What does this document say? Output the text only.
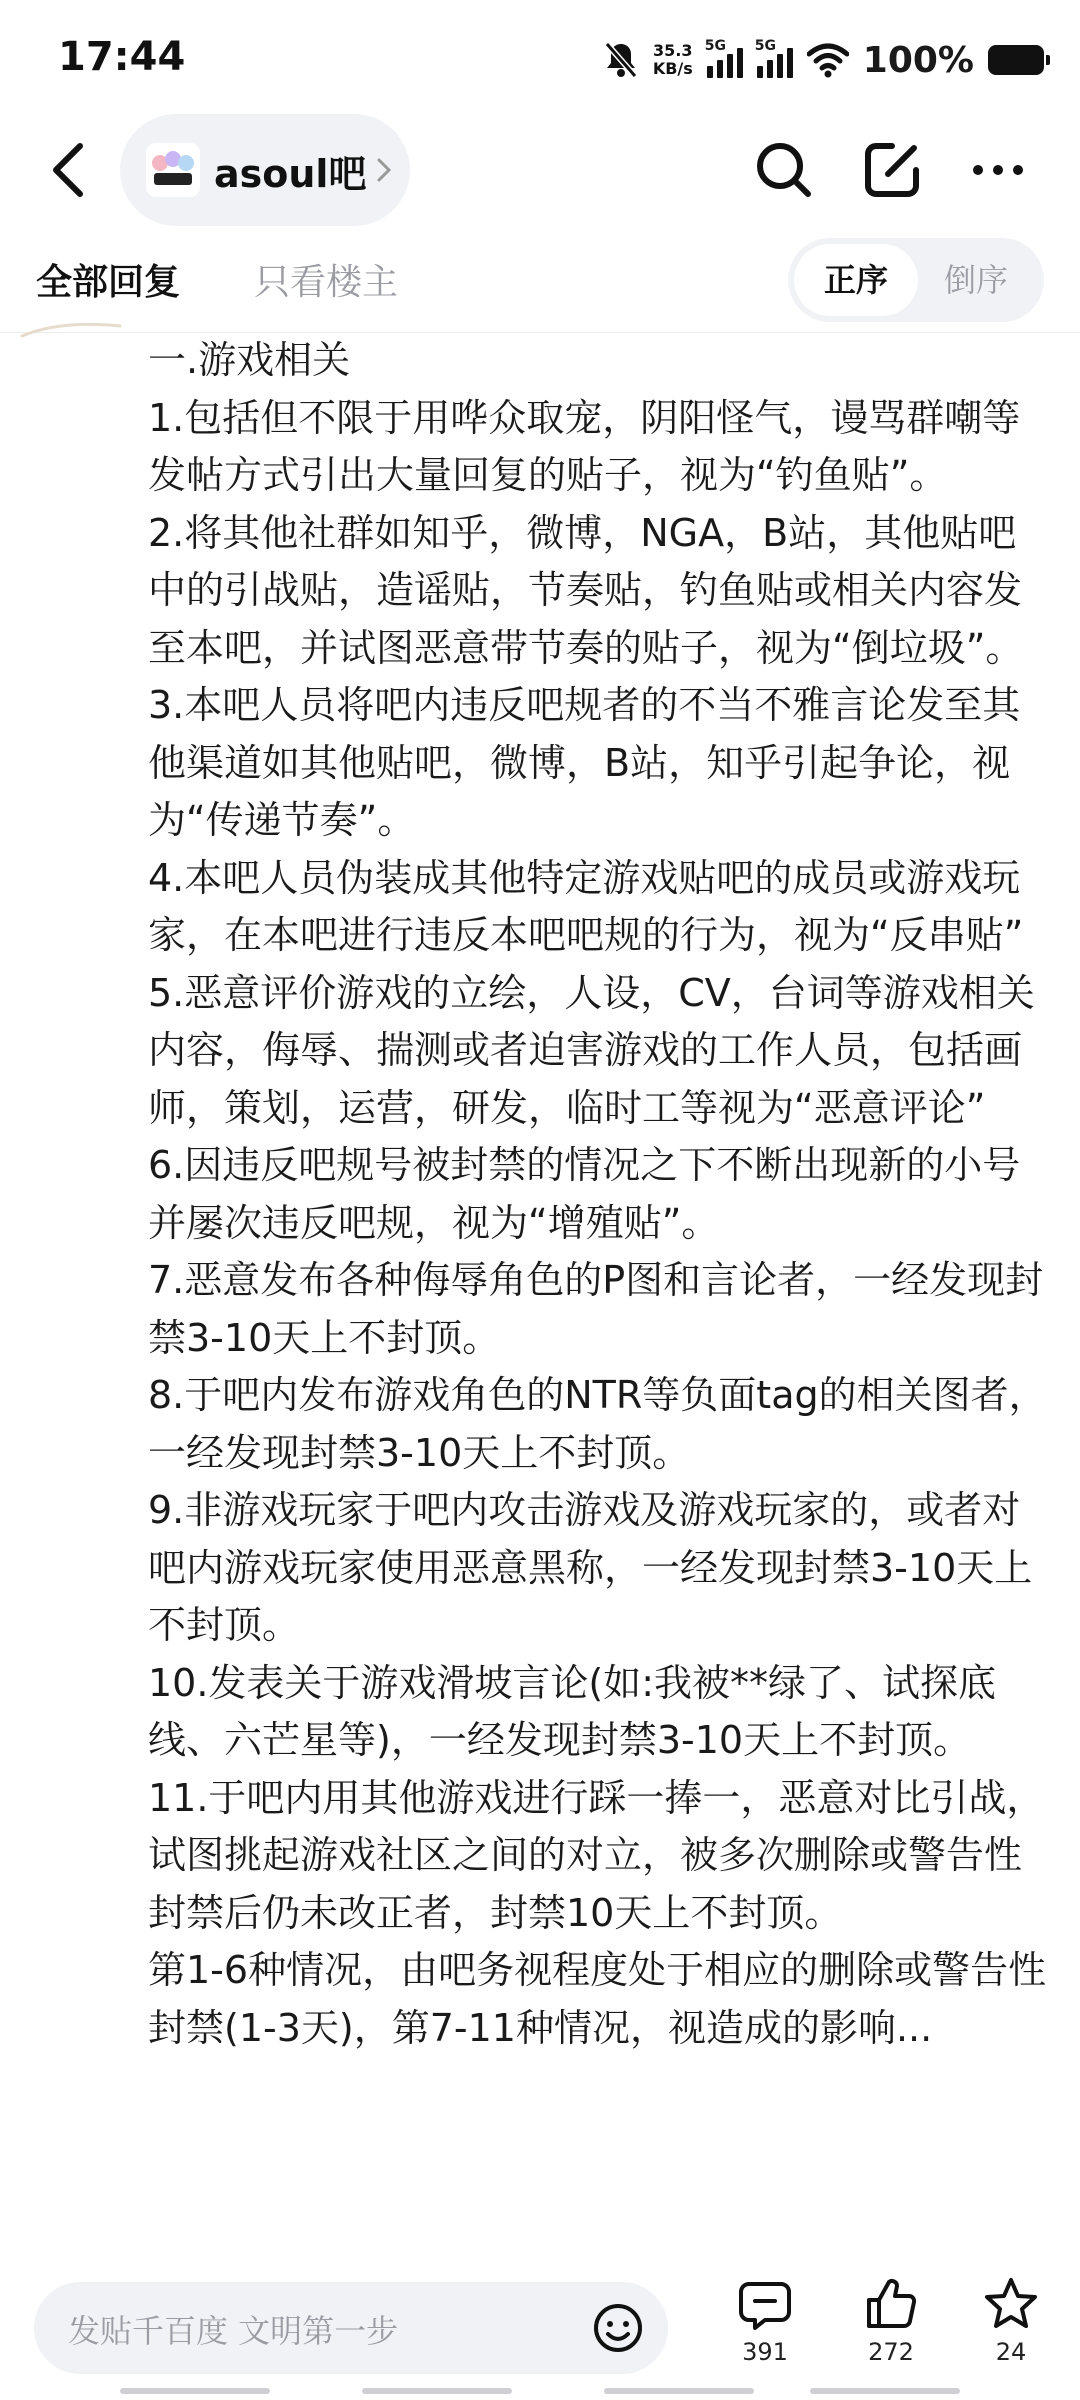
17:44	35.3
KB/s
5G 5G 100%
asoul吧
全部回复 只看楼主	正序	倒序
一.游戏相关
1.包括但不限于用哗众取宠，阴阳怪气，谩骂群嘲等发帖方式引出大量回复的贴子，视为“钓鱼贴”。
2.将其他社群如知乎，微博，NGA，B站，其他贴吧中的引战贴，造谣贴，节奏贴，钓鱼贴或相关内容发至本吧，并试图恶意带节奏的贴子，视为“倒垃圾”。
3.本吧人员将吧内违反吧规者的不当不雅言论发至其他渠道如其他贴吧，微博，B站，知乎引起争论，视为“传递节奏”。
4.本吧人员伪装成其他特定游戏贴吧的成员或游戏玩家，在本吧进行违反本吧吧规的行为，视为“反串贴”
5.恶意评价游戏的立绘，人设，CV，台词等游戏相关内容，侮辱、揣测或者迫害游戏的工作人员，包括画师，策划，运营，研发，临时工等视为“恶意评论”
6.因违反吧规号被封禁的情况之下不断出现新的小号并屡次违反吧规，视为“增殖贴”。
7.恶意发布各种侮辱角色的P图和言论者，一经发现封禁3-10天上不封顶。
8.于吧内发布游戏角色的NTR等负面tag的相关图者，一经发现封禁3-10天上不封顶。
9.非游戏玩家于吧内攻击游戏及游戏玩家的，或者对吧内游戏玩家使用恶意黑称，一经发现封禁3-10天上不封顶。
10.发表关于游戏滑坡言论(如:我被**绿了、试探底线、六芒星等)，一经发现封禁3-10天上不封顶。
11.于吧内用其他游戏进行踩一捧一，恶意对比引战，试图挑起游戏社区之间的对立，被多次删除或警告性封禁后仍未改正者，封禁10天上不封顶。
第1-6种情况，由吧务视程度处于相应的删除或警告性封禁(1-3天)，第7-11种情况，视造成的影响...
发贴千百度 文明第一步
391	272	24
